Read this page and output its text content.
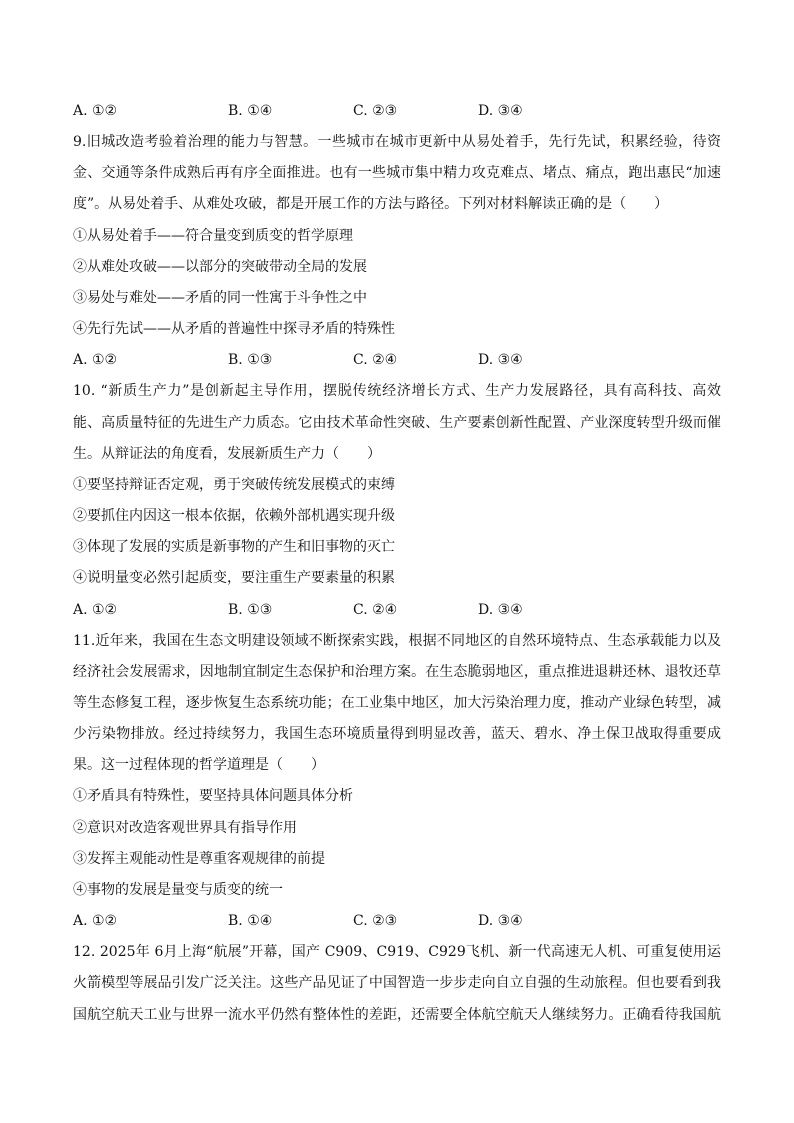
A. ①②	B. ①④	C. ②③	D. ③④
9.旧城改造考验着治理的能力与智慧。一些城市在城市更新中从易处着手，先行先试，积累经验，待资
金、交通等条件成熟后再有序全面推进。也有一些城市集中精力攻克难点、堵点、痛点，跑出惠民“加速
度”。从易处着手、从难处攻破，都是开展工作的方法与路径。下列对材料解读正确的是（　　）
①从易处着手——符合量变到质变的哲学原理
②从难处攻破——以部分的突破带动全局的发展
③易处与难处——矛盾的同一性寓于斗争性之中
④先行先试——从矛盾的普遍性中探寻矛盾的特殊性
A. ①②	B. ①③	C. ②④	D. ③④
10. “新质生产力”是创新起主导作用，摆脱传统经济增长方式、生产力发展路径，具有高科技、高效
能、高质量特征的先进生产力质态。它由技术革命性突破、生产要素创新性配置、产业深度转型升级而催
生。从辩证法的角度看，发展新质生产力（　　）
①要坚持辩证否定观，勇于突破传统发展模式的束缚
②要抓住内因这一根本依据，依赖外部机遇实现升级
③体现了发展的实质是新事物的产生和旧事物的灭亡
④说明量变必然引起质变，要注重生产要素量的积累
A. ①②	B. ①③	C. ②④	D. ③④
11.近年来，我国在生态文明建设领域不断探索实践，根据不同地区的自然环境特点、生态承载能力以及
经济社会发展需求，因地制宜制定生态保护和治理方案。在生态脆弱地区，重点推进退耕还林、退牧还草
等生态修复工程，逐步恢复生态系统功能；在工业集中地区，加大污染治理力度，推动产业绿色转型，减
少污染物排放。经过持续努力，我国生态环境质量得到明显改善，蓝天、碧水、净土保卫战取得重要成
果。这一过程体现的哲学道理是（　　）
①矛盾具有特殊性，要坚持具体问题具体分析
②意识对改造客观世界具有指导作用
③发挥主观能动性是尊重客观规律的前提
④事物的发展是量变与质变的统一
A. ①②	B. ①④	C. ②③	D. ③④
12. 2025年 6月上海“航展”开幕，国产 C909、C919、C929飞机、新一代高速无人机、可重复使用运
火箭模型等展品引发广泛关注。这些产品见证了中国智造一步步走向自立自强的生动旅程。但也要看到我
国航空航天工业与世界一流水平仍然有整体性的差距，还需要全体航空航天人继续努力。正确看待我国航
